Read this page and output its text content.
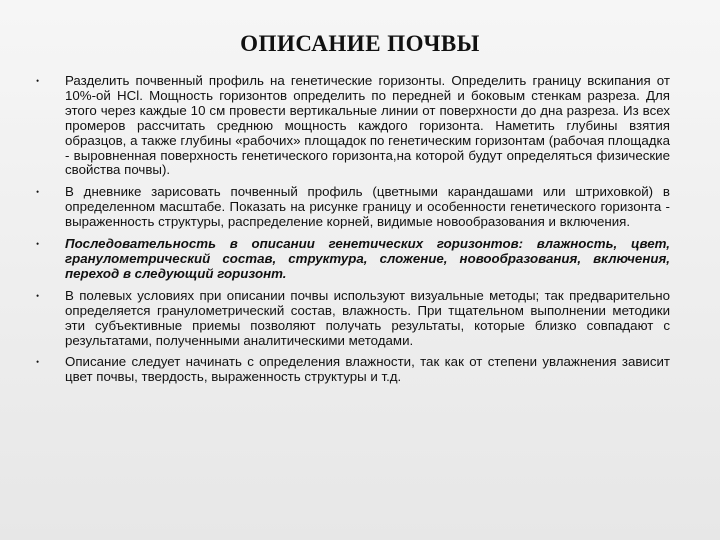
ОПИСАНИЕ ПОЧВЫ
• Разделить почвенный профиль на генетические горизонты. Определить границу вскипания от 10%-ой HCl. Мощность горизонтов определить по передней и боковым стенкам разреза. Для этого через каждые 10 см провести вертикальные линии от поверхности до дна разреза. Из всех промеров рассчитать среднюю мощность каждого горизонта. Наметить глубины взятия образцов, а также глубины «рабочих» площадок по генетическим горизонтам (рабочая площадка - выровненная поверхность генетического горизонта,на которой будут определяться физические свойства почвы).
• В дневнике зарисовать почвенный профиль (цветными карандашами или штриховкой) в определенном масштабе. Показать на рисунке границу и особенности генетического горизонта - выраженность структуры, распределение корней, видимые новообразования и включения.
• Последовательность в описании генетических горизонтов: влажность, цвет, гранулометрический состав, структура, сложение, новообразования, включения, переход в следующий горизонт.
• В полевых условиях при описании почвы используют визуальные методы; так предварительно определяется гранулометрический состав, влажность. При тщательном выполнении методики эти субъективные приемы позволяют получать результаты, которые близко совпадают с результатами, полученными аналитическими методами.
• Описание следует начинать с определения влажности, так как от степени увлажнения зависит цвет почвы, твердость, выраженность структуры и т.д.
